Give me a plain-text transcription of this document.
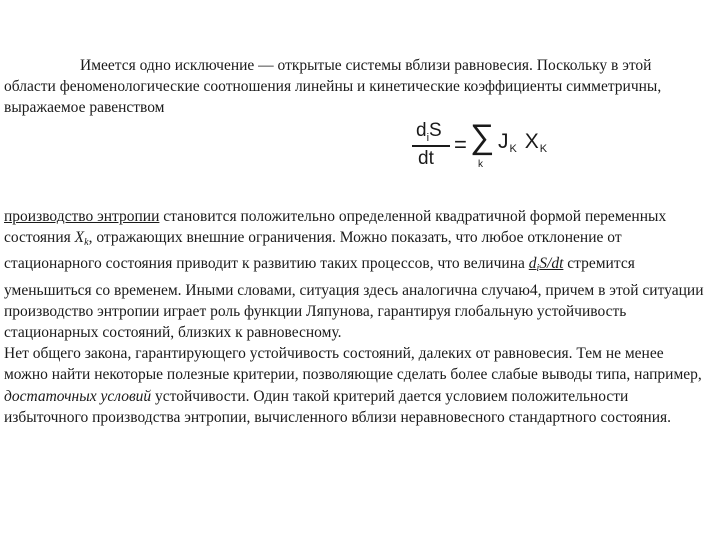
Имеется одно исключение — открытые системы вблизи равновесия. Поскольку в этой области феноменологические соотношения линейны и кинетические коэффициенты симметричны, выражаемое равенством
$d_iS$
dt
= ∑
k
JK XK
производство энтропии становится положительно определенной квадратичной формой переменных состояния Xk, отражающих внешние ограничения. Можно показать, что любое отклонение от стационарного состояния приводит к развитию таких процессов, что величина diS/dt стремится уменьшиться со временем. Иными словами, ситуация здесь аналогична случаю4, причем в этой ситуации производство энтропии играет роль функции Ляпунова, гарантируя глобальную устойчивость стационарных состояний, близких к равновесному.
Нет общего закона, гарантирующего устойчивость состояний, далеких от равновесия. Тем не менее можно найти некоторые полезные критерии, позволяющие сделать более слабые выводы типа, например, достаточных условий устойчивости. Один такой критерий дается условием положительности избыточного производства энтропии, вычисленного вблизи неравновесного стандартного состояния.
